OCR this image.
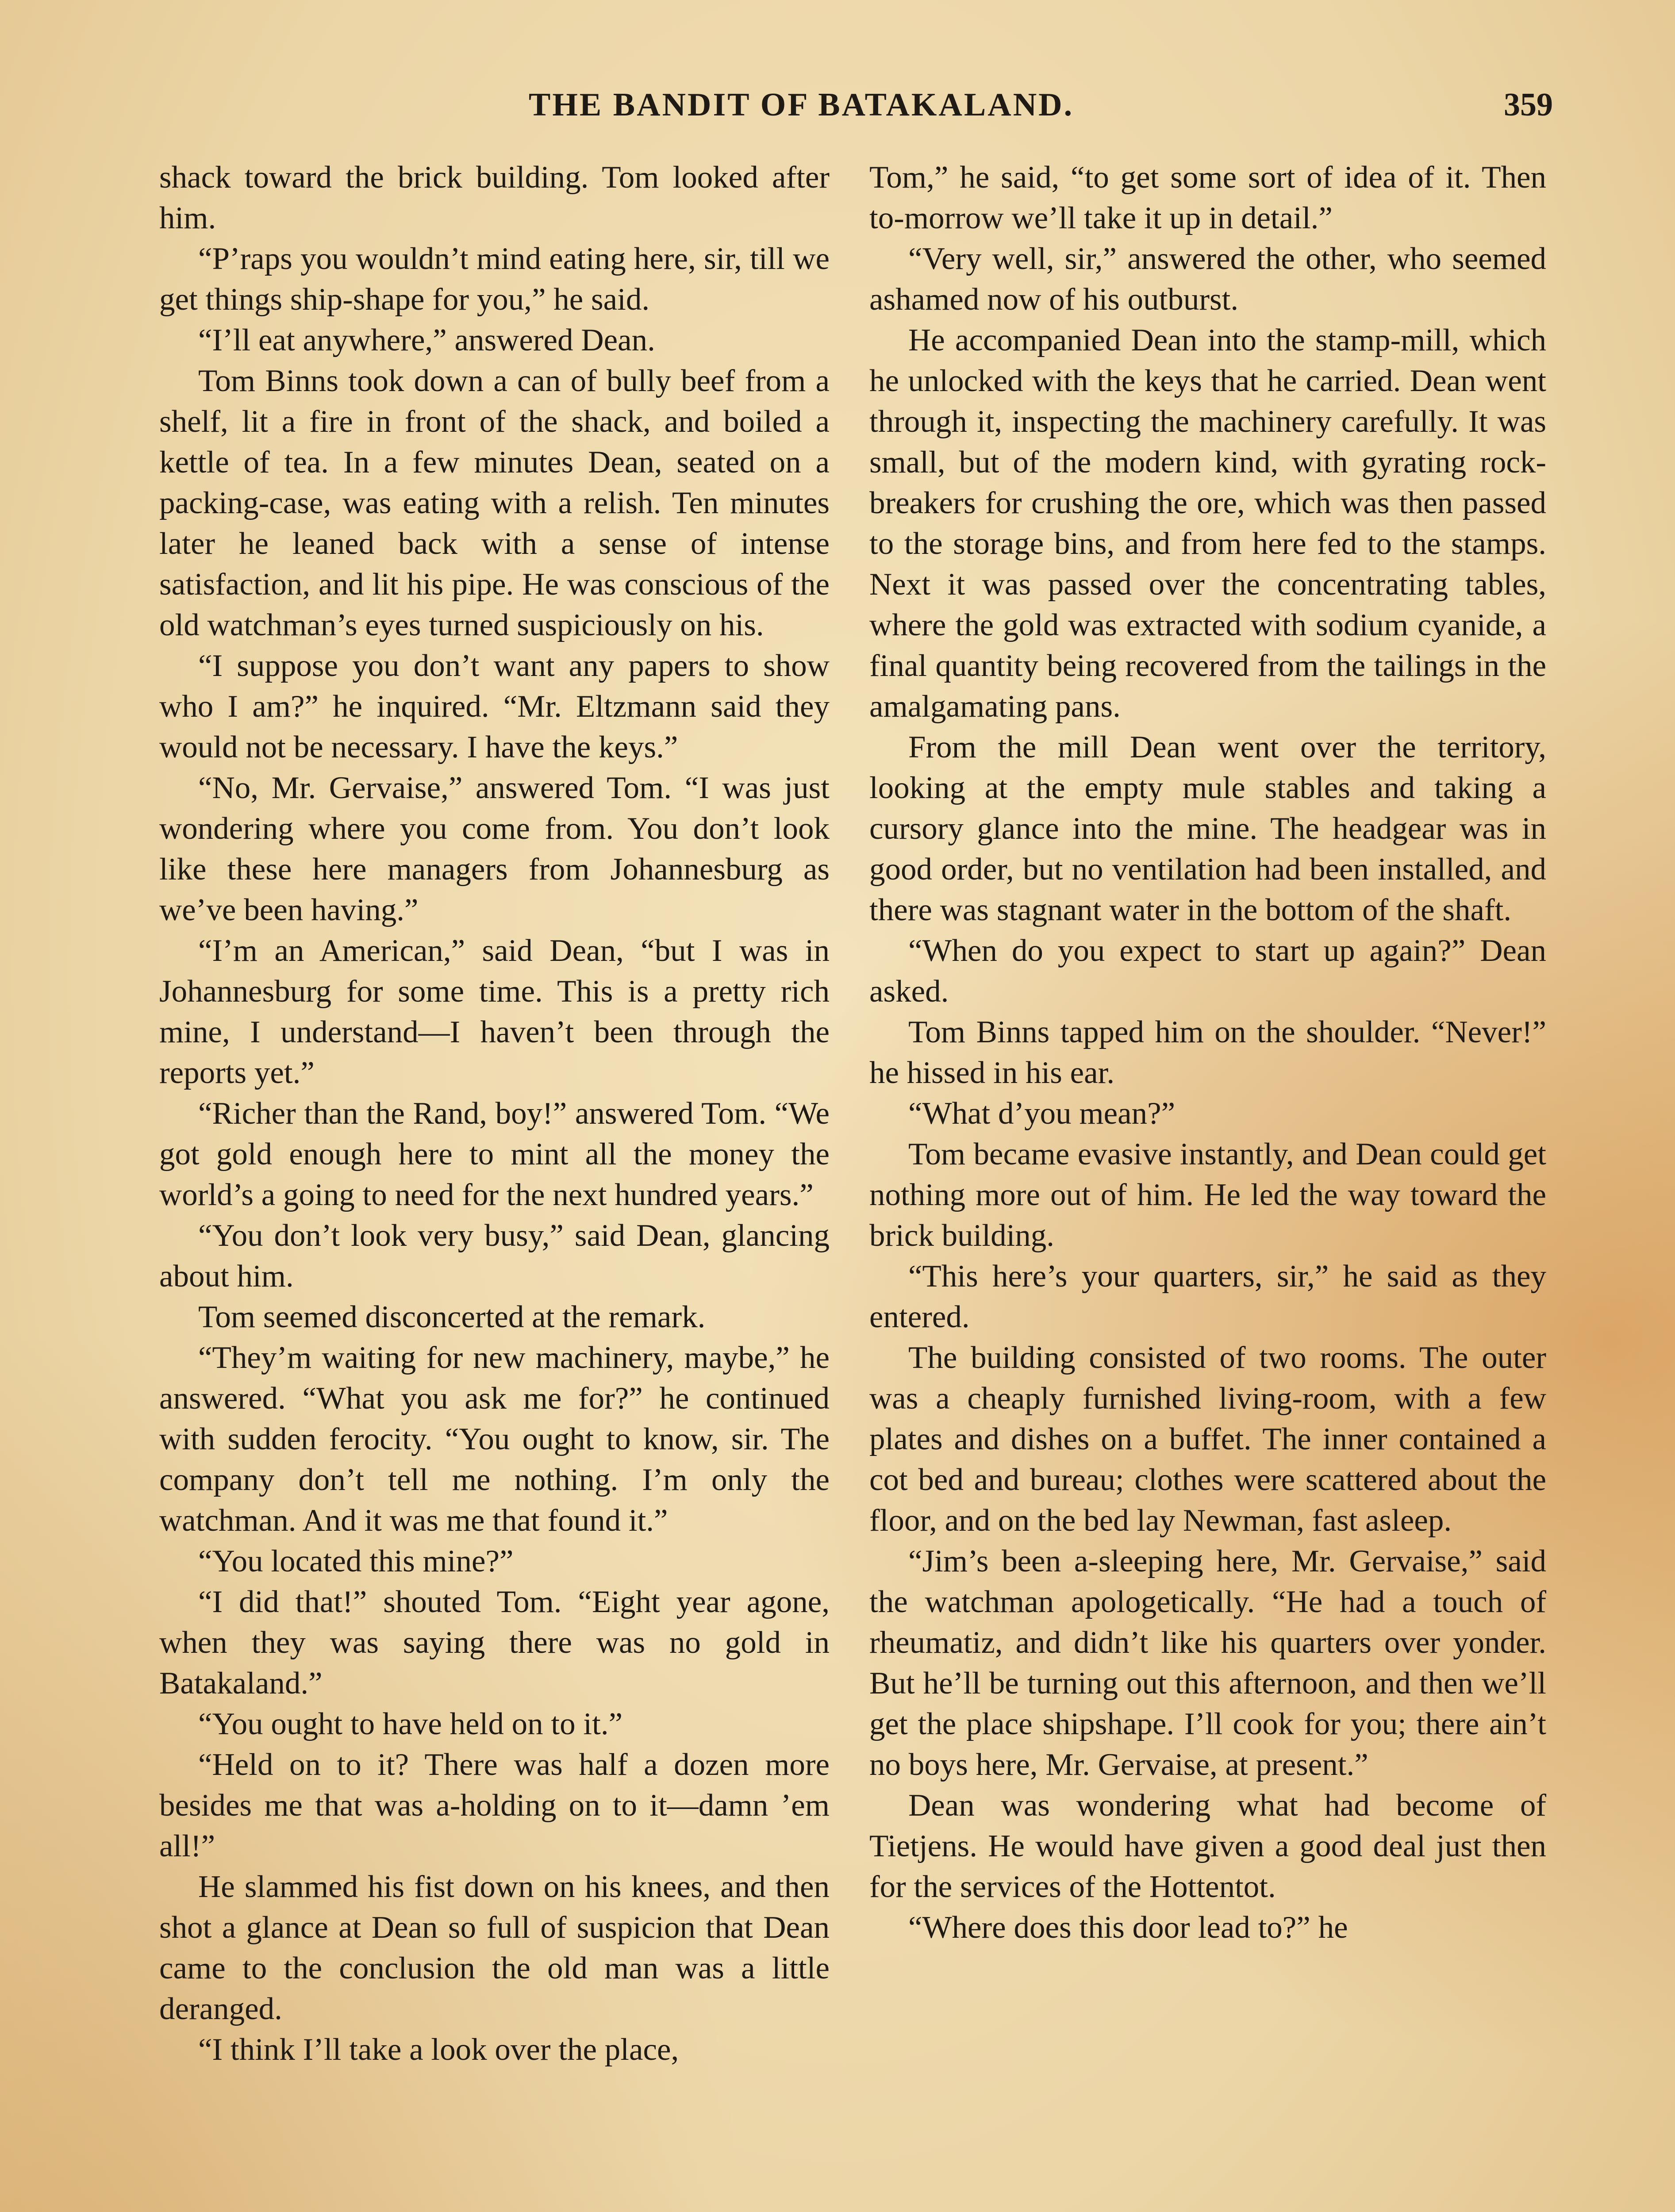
THE BANDIT OF BATAKALAND.	359

shack toward the brick building. Tom looked after him.

“P’raps you wouldn’t mind eating here, sir, till we get things ship-shape for you,” he said.

“I’ll eat anywhere,” answered Dean.

Tom Binns took down a can of bully beef from a shelf, lit a fire in front of the shack, and boiled a kettle of tea. In a few minutes Dean, seated on a packing-case, was eating with a relish. Ten minutes later he leaned back with a sense of intense satisfaction, and lit his pipe. He was conscious of the old watchman’s eyes turned suspiciously on his.

“I suppose you don’t want any papers to show who I am?” he inquired. “Mr. Eltzmann said they would not be necessary. I have the keys.”

“No, Mr. Gervaise,” answered Tom. “I was just wondering where you come from. You don’t look like these here managers from Johannesburg as we’ve been having.”

“I’m an American,” said Dean, “but I was in Johannesburg for some time. This is a pretty rich mine, I understand—I haven’t been through the reports yet.”

“Richer than the Rand, boy!” answered Tom. “We got gold enough here to mint all the money the world’s a going to need for the next hundred years.”

“You don’t look very busy,” said Dean, glancing about him.

Tom seemed disconcerted at the remark.

“They’m waiting for new machinery, maybe,” he answered. “What you ask me for?” he continued with sudden ferocity. “You ought to know, sir. The company don’t tell me nothing. I’m only the watchman. And it was me that found it.”

“You located this mine?”

“I did that!” shouted Tom. “Eight year agone, when they was saying there was no gold in Batakaland.”

“You ought to have held on to it.”

“Held on to it? There was half a dozen more besides me that was a-holding on to it—damn ’em all!”

He slammed his fist down on his knees, and then shot a glance at Dean so full of suspicion that Dean came to the conclusion the old man was a little deranged.

“I think I’ll take a look over the place,

Tom,” he said, “to get some sort of idea of it. Then to-morrow we’ll take it up in detail.”

“Very well, sir,” answered the other, who seemed ashamed now of his outburst.

He accompanied Dean into the stamp-mill, which he unlocked with the keys that he carried. Dean went through it, inspecting the machinery carefully. It was small, but of the modern kind, with gyrating rock-breakers for crushing the ore, which was then passed to the storage bins, and from here fed to the stamps. Next it was passed over the concentrating tables, where the gold was extracted with sodium cyanide, a final quantity being recovered from the tailings in the amalgamating pans.

From the mill Dean went over the territory, looking at the empty mule stables and taking a cursory glance into the mine. The headgear was in good order, but no ventilation had been installed, and there was stagnant water in the bottom of the shaft.

“When do you expect to start up again?” Dean asked.

Tom Binns tapped him on the shoulder. “Never!” he hissed in his ear.

“What d’you mean?”

Tom became evasive instantly, and Dean could get nothing more out of him. He led the way toward the brick building.

“This here’s your quarters, sir,” he said as they entered.

The building consisted of two rooms. The outer was a cheaply furnished living-room, with a few plates and dishes on a buffet. The inner contained a cot bed and bureau; clothes were scattered about the floor, and on the bed lay Newman, fast asleep.

“Jim’s been a-sleeping here, Mr. Gervaise,” said the watchman apologetically. “He had a touch of rheumatiz, and didn’t like his quarters over yonder. But he’ll be turning out this afternoon, and then we’ll get the place shipshape. I’ll cook for you; there ain’t no boys here, Mr. Gervaise, at present.”

Dean was wondering what had become of Tietjens. He would have given a good deal just then for the services of the Hottentot.

“Where does this door lead to?” he
